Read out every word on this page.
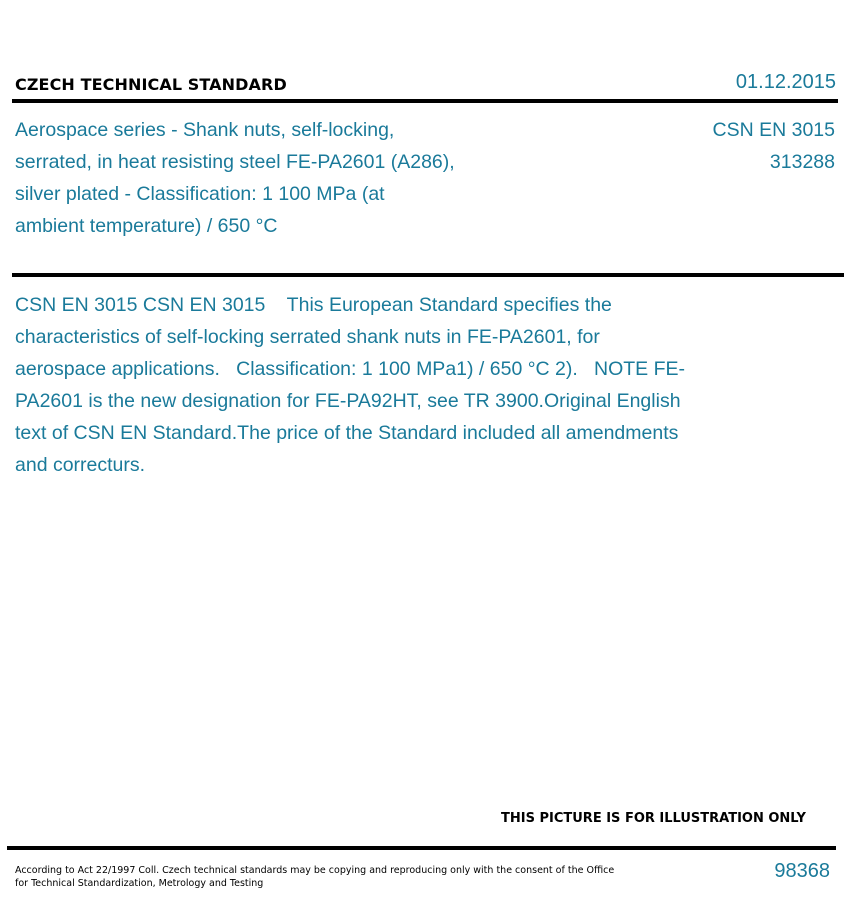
CZECH TECHNICAL STANDARD	01.12.2015

Aerospace series - Shank nuts, self-locking, serrated, in heat resisting steel FE-PA2601 (A286), silver plated - Classification: 1 100 MPa (at ambient temperature) / 650 °C

CSN EN 3015
313288

CSN EN 3015 CSN EN 3015    This European Standard specifies the characteristics of self-locking serrated shank nuts in FE-PA2601, for aerospace applications.   Classification: 1 100 MPa1) / 650 °C 2).   NOTE FE-PA2601 is the new designation for FE-PA92HT, see TR 3900.Original English text of CSN EN Standard.The price of the Standard included all amendments and correcturs.

THIS PICTURE IS FOR ILLUSTRATION ONLY
According to Act 22/1997 Coll. Czech technical standards may be copying and reproducing only with the consent of the Office
for Technical Standardization, Metrology and Testing
98368
